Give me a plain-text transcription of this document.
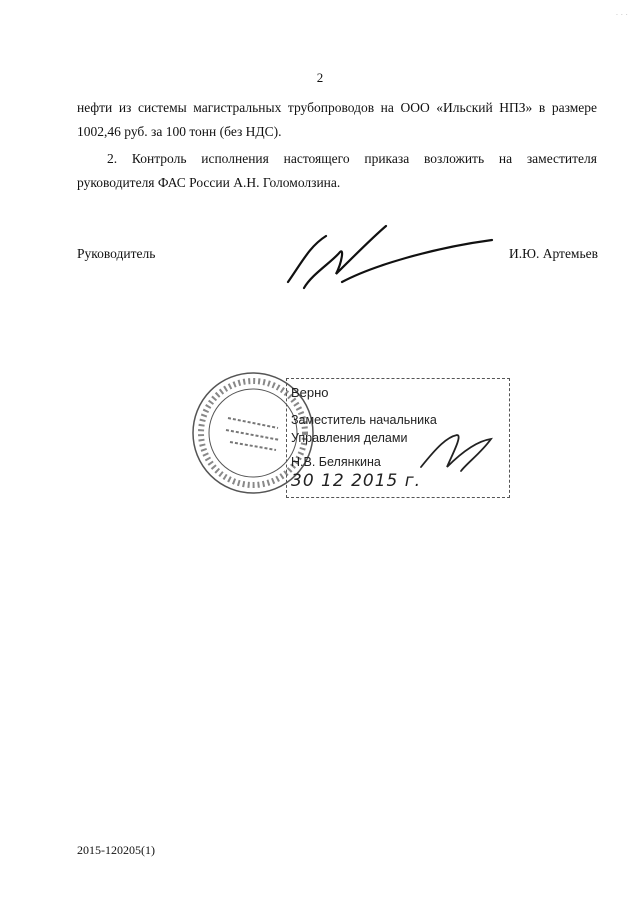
· · ·
2
нефти из системы магистральных трубопроводов на ООО «Ильский НПЗ» в размере 1002,46 руб. за 100 тонн (без НДС).
2. Контроль исполнения настоящего приказа возложить на заместителя руководителя ФАС России А.Н. Голомолзина.
Руководитель	И.Ю. Артемьев
Верно
Заместитель начальника
Управления делами
Н.В. Белянкина
30 12 2015 г.
2015-120205(1)
